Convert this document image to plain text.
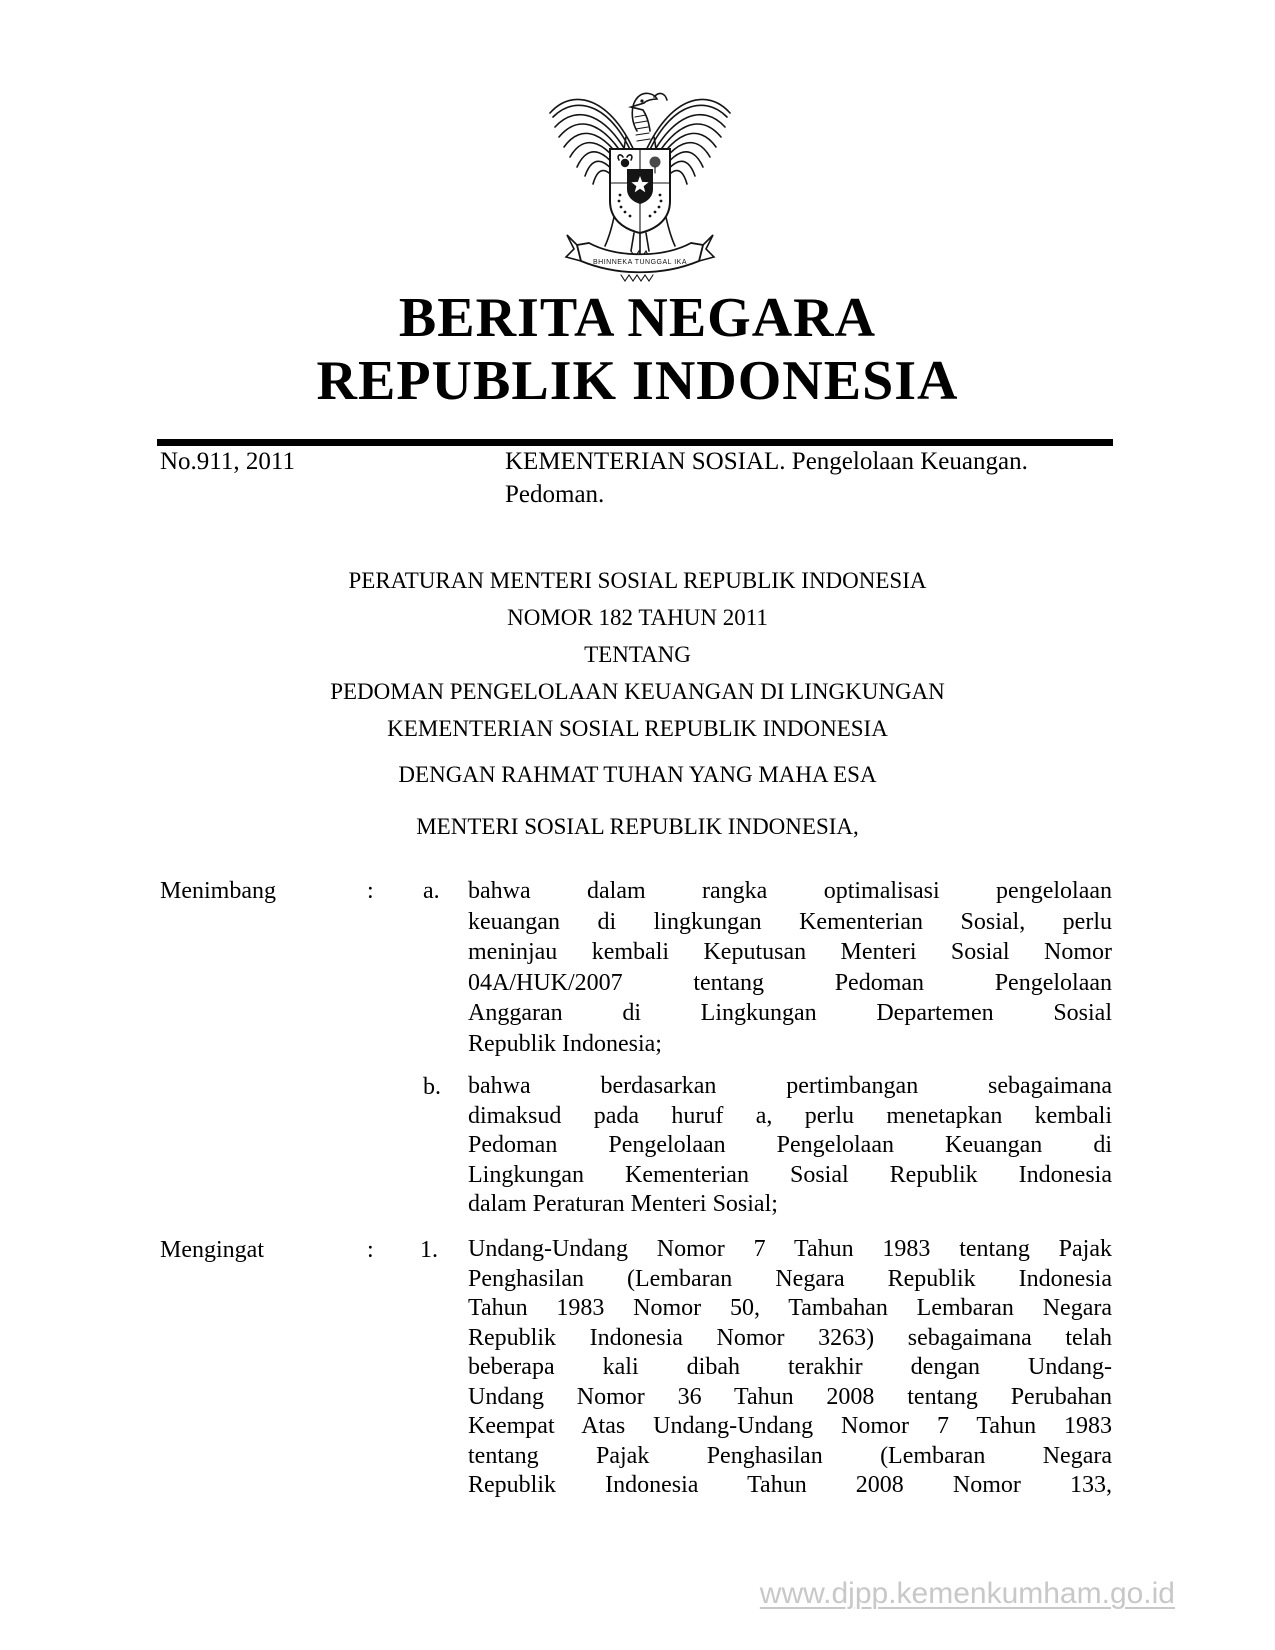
BHINNEKA TUNGGAL IKA
BERITA NEGARA
REPUBLIK INDONESIA
No.911, 2011	KEMENTERIAN SOSIAL. Pengelolaan Keuangan.
Pedoman.
PERATURAN MENTERI SOSIAL REPUBLIK INDONESIA
NOMOR 182 TAHUN 2011
TENTANG
PEDOMAN PENGELOLAAN KEUANGAN DI LINGKUNGAN
KEMENTERIAN SOSIAL REPUBLIK INDONESIA
DENGAN RAHMAT TUHAN YANG MAHA ESA
MENTERI SOSIAL REPUBLIK INDONESIA,
Menimbang	: a. bahwa dalam rangka optimalisasi pengelolaan
keuangan di lingkungan Kementerian Sosial, perlu
meninjau kembali Keputusan Menteri Sosial Nomor
04A/HUK/2007 tentang Pedoman Pengelolaan
Anggaran di Lingkungan Departemen Sosial
Republik Indonesia;
b. bahwa berdasarkan pertimbangan sebagaimana
dimaksud pada huruf a, perlu menetapkan kembali
Pedoman Pengelolaan Pengelolaan Keuangan di
Lingkungan Kementerian Sosial Republik Indonesia
dalam Peraturan Menteri Sosial;
Mengingat	: 1. Undang-Undang Nomor 7 Tahun 1983 tentang Pajak
Penghasilan (Lembaran Negara Republik Indonesia
Tahun 1983 Nomor 50, Tambahan Lembaran Negara
Republik Indonesia Nomor 3263) sebagaimana telah
beberapa kali dibah terakhir dengan Undang-
Undang Nomor 36 Tahun 2008 tentang Perubahan
Keempat Atas Undang-Undang Nomor 7 Tahun 1983
tentang Pajak Penghasilan (Lembaran Negara
Republik Indonesia Tahun 2008 Nomor 133,
www.djpp.kemenkumham.go.id
